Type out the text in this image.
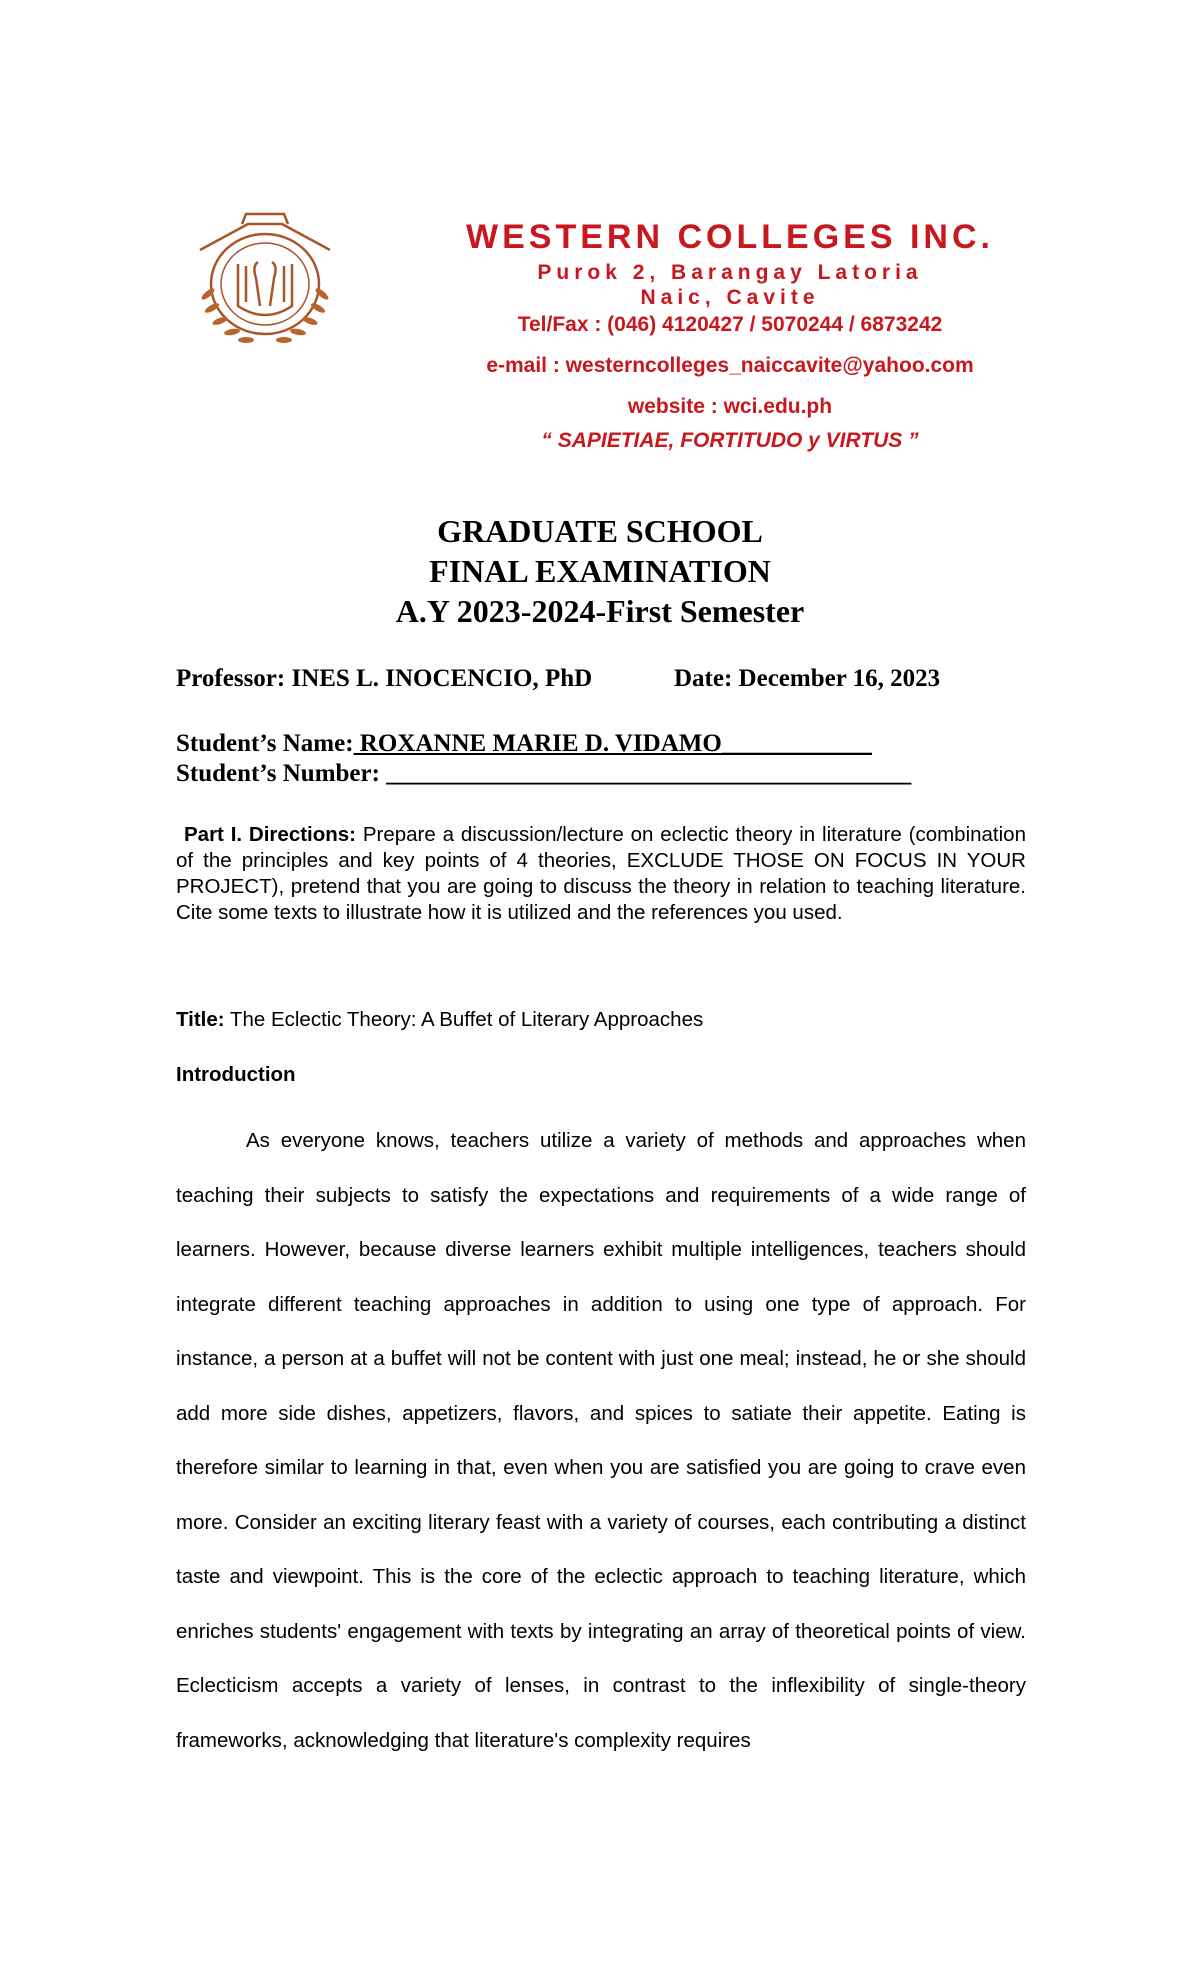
WESTERN COLLEGES INC.
Purok 2, Barangay Latoria
Naic, Cavite
Tel/Fax : (046) 4120427 / 5070244 / 6873242
e-mail : westerncolleges_naiccavite@yahoo.com
website : wci.edu.ph
“ SAPIETIAE, FORTITUDO y VIRTUS ”
GRADUATE SCHOOL
FINAL EXAMINATION
A.Y 2023-2024-First Semester
Professor: INES L. INOCENCIO, PhD	Date: December 16, 2023
Student’s Name: ROXANNE MARIE D. VIDAMO____________
Student’s Number: __________________________________________
Part I. Directions: Prepare a discussion/lecture on eclectic theory in literature (combination of the principles and key points of 4 theories, EXCLUDE THOSE ON FOCUS IN YOUR PROJECT), pretend that you are going to discuss the theory in relation to teaching literature. Cite some texts to illustrate how it is utilized and the references you used.
Title: The Eclectic Theory: A Buffet of Literary Approaches
Introduction
As everyone knows, teachers utilize a variety of methods and approaches when teaching their subjects to satisfy the expectations and requirements of a wide range of learners. However, because diverse learners exhibit multiple intelligences, teachers should integrate different teaching approaches in addition to using one type of approach. For instance, a person at a buffet will not be content with just one meal; instead, he or she should add more side dishes, appetizers, flavors, and spices to satiate their appetite. Eating is therefore similar to learning in that, even when you are satisfied you are going to crave even more. Consider an exciting literary feast with a variety of courses, each contributing a distinct taste and viewpoint. This is the core of the eclectic approach to teaching literature, which enriches students' engagement with texts by integrating an array of theoretical points of view. Eclecticism accepts a variety of lenses, in contrast to the inflexibility of single-theory frameworks, acknowledging that literature's complexity requires
